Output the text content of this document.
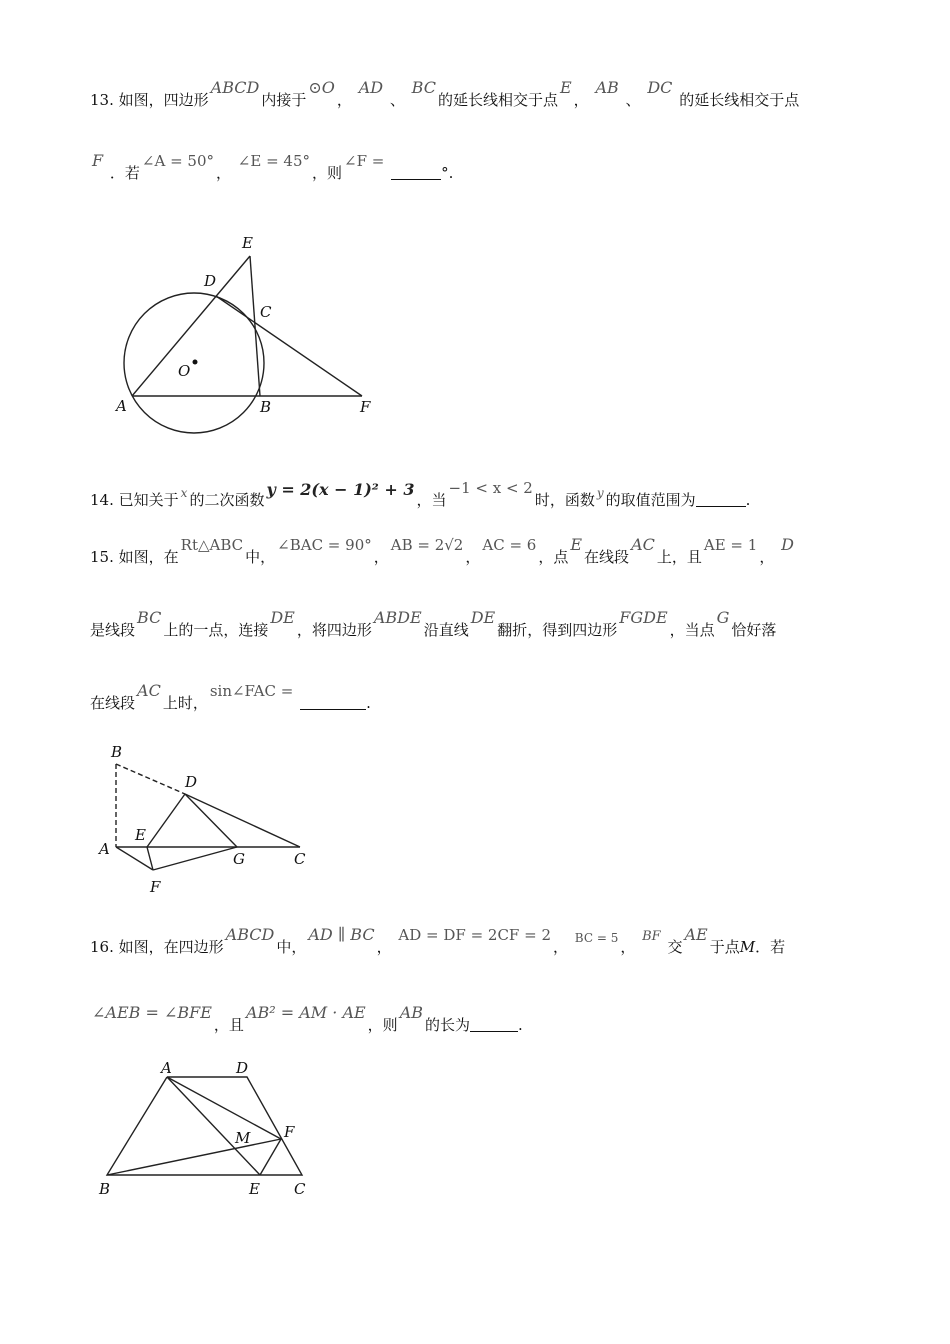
13. 如图，四边形ABCD内接于⊙O， AD 、 BC的延长线相交于点E， AB 、 DC 的延长线相交于点
F ．若∠A = 50°， ∠E = 45°，则∠F = °.
E
D
C
O
A	B	F
14. 已知关于 $^x$ 的二次函数y = 2(x − 1)² + 3，当−1 < x < 2时，函数 $^y$ 的取值范围为	.
15. 如图，在Rt△ABC中，∠BAC = 90°，AB = 2√2，AC = 6，点E在线段AC上，且AE = 1， D
是线段BC上的一点，连接DE，将四边形ABDE沿直线DE翻折，得到四边形FGDE，当点G恰好落
在线段AC上时，sin∠FAC = .
B
D
E
A
G	C
F
16. 如图，在四边形ABCD中，AD ∥ BC， AD = DF = 2CF = 2， $^{BC = 5}$ ， BF 交AE于点M．若
∠AEB = ∠BFE，且AB² = AM · AE，则AB的长为	.
A	D
M F
B	E C
